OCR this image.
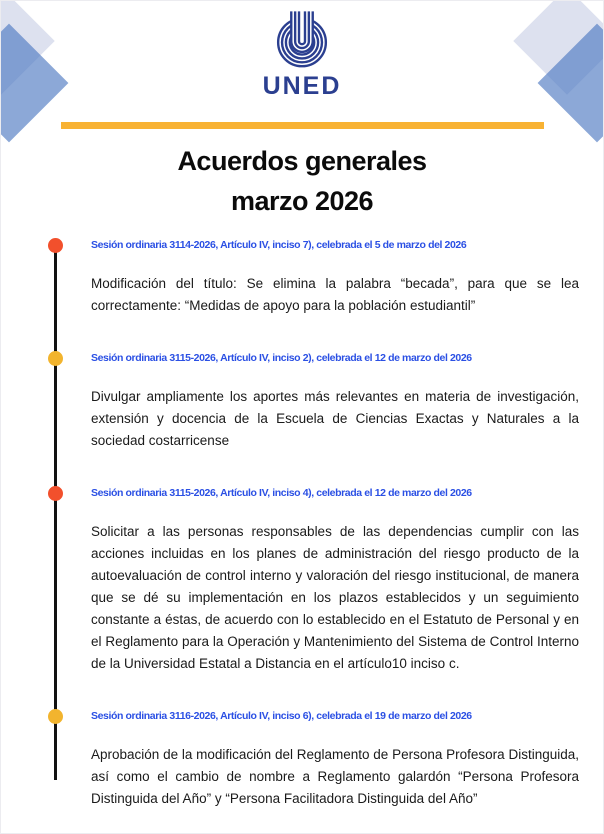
UNED
Acuerdos generales
marzo 2026

Sesión ordinaria 3114-2026, Artículo IV, inciso 7), celebrada el 5 de marzo del 2026

Modificación del título: Se elimina la palabra “becada”, para que se lea correctamente: “Medidas de apoyo para la población estudiantil”

Sesión ordinaria 3115-2026, Artículo IV, inciso 2), celebrada el 12 de marzo del 2026

Divulgar ampliamente los aportes más relevantes en materia de investigación, extensión y docencia de la Escuela de Ciencias Exactas y Naturales a la sociedad costarricense

Sesión ordinaria 3115-2026, Artículo IV, inciso 4), celebrada el 12 de marzo del 2026

Solicitar a las personas responsables de las dependencias cumplir con las acciones incluidas en los planes de administración del riesgo producto de la autoevaluación de control interno y valoración del riesgo institucional, de manera que se dé su implementación en los plazos establecidos y un seguimiento constante a éstas, de acuerdo con lo establecido en el Estatuto de Personal y en el Reglamento para la Operación y Mantenimiento del Sistema de Control Interno de la Universidad Estatal a Distancia en el artículo10 inciso c.

Sesión ordinaria 3116-2026, Artículo IV, inciso 6), celebrada el 19 de marzo del 2026

Aprobación de la modificación del Reglamento de Persona Profesora Distinguida, así como el cambio de nombre a Reglamento galardón “Persona Profesora Distinguida del Año” y “Persona Facilitadora Distinguida del Año”
